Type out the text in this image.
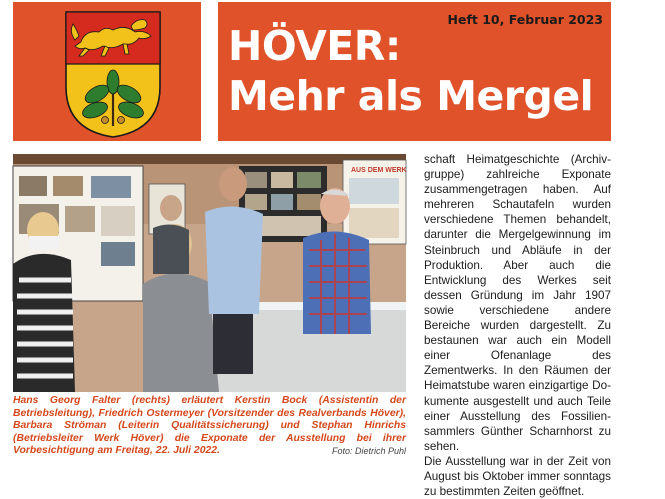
Heft 10, Februar 2023
HÖVER:
Mehr als Mergel
AUS DEM WERK
Hans Georg Falter (rechts) erläutert Kerstin Bock (Assistentin der Betriebsleitung), Friedrich Ostermeyer (Vorsitzender des Realverbands Höver), Barbara Ströman (Leiterin Qualitätssicherung) und Stephan Hinrichs (Betriebsleiter Werk Höver) die Exponate der Ausstellung bei ihrer Vorbesichtigung am Freitag, 22. Juli 2022.	Foto: Dietrich Puhl

schaft Heimatgeschichte (Archivgruppe) zahlreiche Exponate zusammengetragen haben. Auf mehreren Schautafeln wurden verschiedene Themen behandelt, darunter die Mergelgewinnung im Steinbruch und Abläufe in der Produktion. Aber auch die Entwicklung des Werkes seit dessen Gründung im Jahr 1907 sowie verschiedene andere Bereiche wurden dargestellt. Zu bestaunen war auch ein Modell einer Ofenanlage des Zementwerks. In den Räumen der Heimatstube waren einzigartige Dokumente ausgestellt und auch Teile einer Ausstellung des Fossiliensammlers Günther Scharnhorst zu sehen.

Die Ausstellung war in der Zeit von August bis Oktober immer sonntags zu bestimmten Zeiten geöffnet.
